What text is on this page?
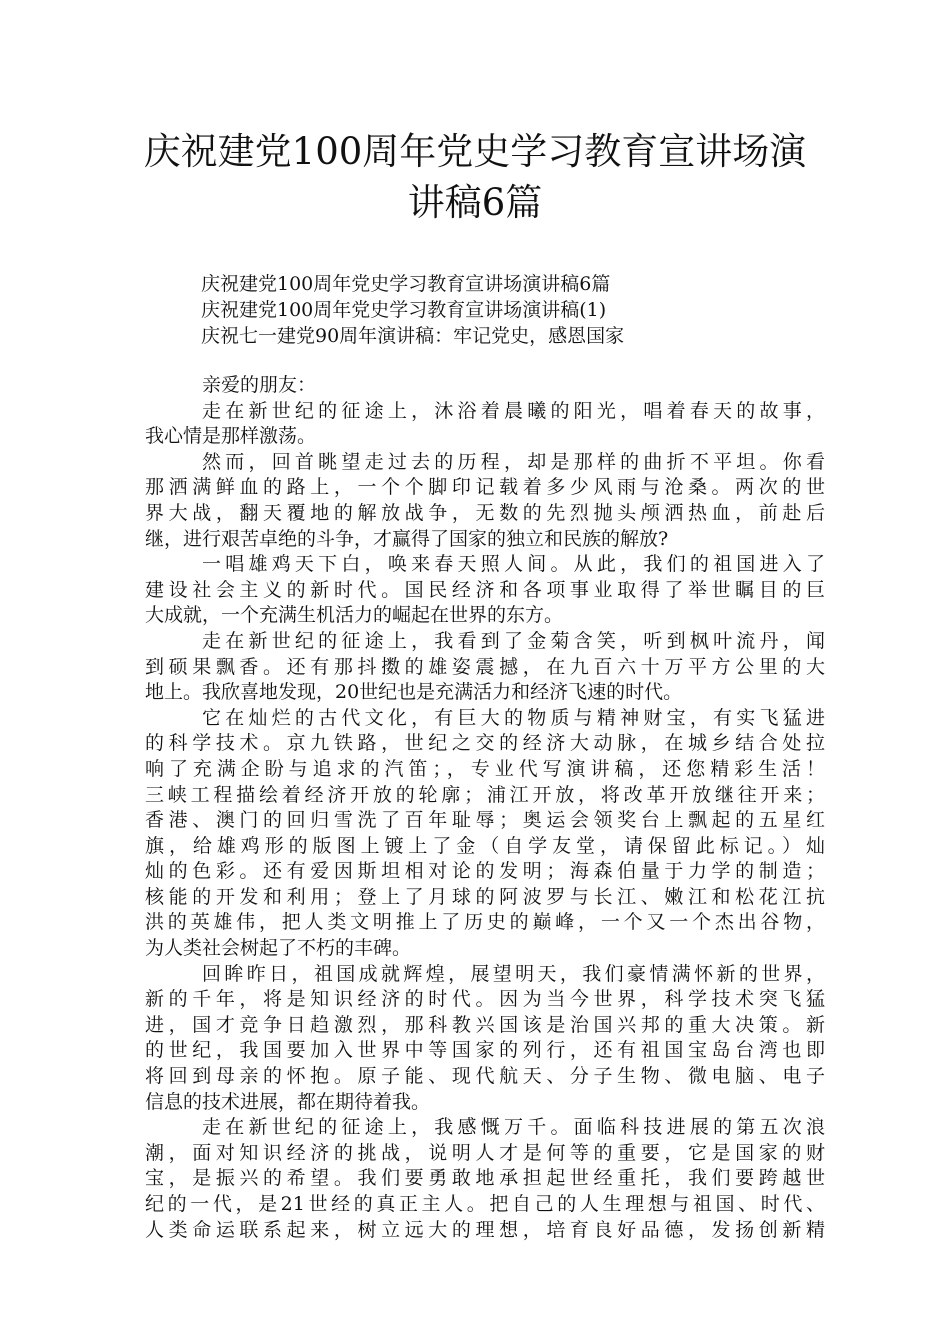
庆祝建党100周年党史学习教育宣讲场演
讲稿6篇
庆祝建党100周年党史学习教育宣讲场演讲稿6篇
庆祝建党100周年党史学习教育宣讲场演讲稿(1)
庆祝七一建党90周年演讲稿：牢记党史，感恩国家
亲爱的朋友：
走在新世纪的征途上，沐浴着晨曦的阳光，唱着春天的故事，
我心情是那样激荡。
然而，回首眺望走过去的历程，却是那样的曲折不平坦。你看
那洒满鲜血的路上，一个个脚印记载着多少风雨与沧桑。两次的世
界大战，翻天覆地的解放战争，无数的先烈抛头颅洒热血，前赴后
继，进行艰苦卓绝的斗争，才赢得了国家的独立和民族的解放?
一唱雄鸡天下白，唤来春天照人间。从此，我们的祖国进入了
建设社会主义的新时代。国民经济和各项事业取得了举世瞩目的巨
大成就，一个充满生机活力的崛起在世界的东方。
走在新世纪的征途上，我看到了金菊含笑，听到枫叶流丹，闻
到硕果飘香。还有那抖擞的雄姿震撼，在九百六十万平方公里的大
地上。我欣喜地发现，20世纪也是充满活力和经济飞速的时代。
它在灿烂的古代文化，有巨大的物质与精神财宝，有实飞猛进
的科学技术。京九铁路，世纪之交的经济大动脉，在城乡结合处拉
响了充满企盼与追求的汽笛；，专业代写演讲稿，还您精彩生活！
三峡工程描绘着经济开放的轮廓；浦江开放，将改革开放继往开来；
香港、澳门的回归雪洗了百年耻辱；奥运会领奖台上飘起的五星红
旗，给雄鸡形的版图上镀上了金（自学友堂，请保留此标记。）灿
灿的色彩。还有爱因斯坦相对论的发明；海森伯量于力学的制造；
核能的开发和利用；登上了月球的阿波罗与长江、嫩江和松花江抗
洪的英雄伟，把人类文明推上了历史的巅峰，一个又一个杰出谷物，
为人类社会树起了不朽的丰碑。
回眸昨日，祖国成就辉煌，展望明天，我们豪情满怀新的世界，
新的千年，将是知识经济的时代。因为当今世界，科学技术突飞猛
进，国才竞争日趋激烈，那科教兴国该是治国兴邦的重大决策。新
的世纪，我国要加入世界中等国家的列行，还有祖国宝岛台湾也即
将回到母亲的怀抱。原子能、现代航天、分子生物、微电脑、电子
信息的技术进展，都在期待着我。
走在新世纪的征途上，我感慨万千。面临科技进展的第五次浪
潮，面对知识经济的挑战，说明人才是何等的重要，它是国家的财
宝，是振兴的希望。我们要勇敢地承担起世经重托，我们要跨越世
纪的一代，是21世经的真正主人。把自己的人生理想与祖国、时代、
人类命运联系起来，树立远大的理想，培育良好品德，发扬创新精
